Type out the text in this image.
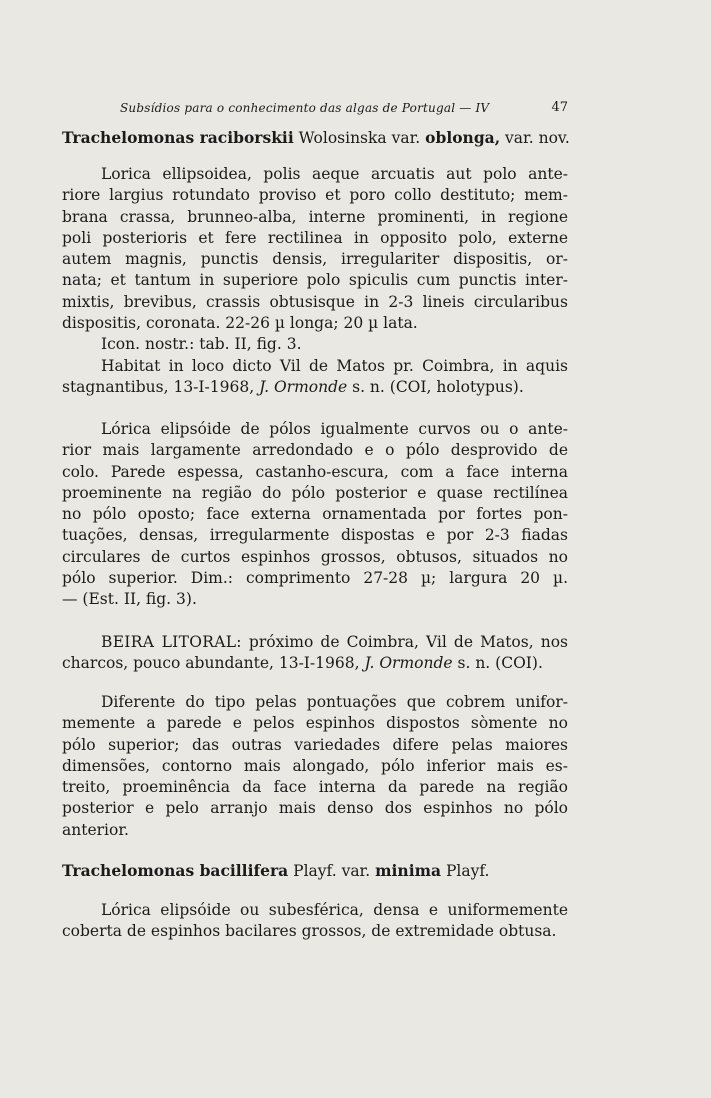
Subsídios para o conhecimento das algas de Portugal — IV	47
Trachelomonas raciborskii Wolosinska var. oblonga, var. nov.
Lorica ellipsoidea, polis aeque arcuatis aut polo ante-
riore largius rotundato proviso et poro collo destituto; mem-
brana crassa, brunneo-alba, interne prominenti, in regione
poli posterioris et fere rectilinea in opposito polo, externe
autem magnis, punctis densis, irregulariter dispositis, or-
nata; et tantum in superiore polo spiculis cum punctis inter-
mixtis, brevibus, crassis obtusisque in 2-3 lineis circularibus
dispositis, coronata. 22-26 µ longa; 20 µ lata.
Icon. nostr.: tab. II, fig. 3.
Habitat in loco dicto Vil de Matos pr. Coimbra, in aquis
stagnantibus, 13-I-1968, J. Ormonde s. n. (COI, holotypus).
Lórica elipsóide de pólos igualmente curvos ou o ante-
rior mais largamente arredondado e o pólo desprovido de
colo. Parede espessa, castanho-escura, com a face interna
proeminente na região do pólo posterior e quase rectilínea
no pólo oposto; face externa ornamentada por fortes pon-
tuações, densas, irregularmente dispostas e por 2-3 fiadas
circulares de curtos espinhos grossos, obtusos, situados no
pólo superior. Dim.: comprimento 27-28 µ; largura 20 µ.
— (Est. II, fig. 3).
BEIRA LITORAL: próximo de Coimbra, Vil de Matos, nos
charcos, pouco abundante, 13-I-1968, J. Ormonde s. n. (COI).
Diferente do tipo pelas pontuações que cobrem unifor-
memente a parede e pelos espinhos dispostos sòmente no
pólo superior; das outras variedades difere pelas maiores
dimensões, contorno mais alongado, pólo inferior mais es-
treito, proeminência da face interna da parede na região
posterior e pelo arranjo mais denso dos espinhos no pólo
anterior.
Trachelomonas bacillifera Playf. var. minima Playf.
Lórica elipsóide ou subesférica, densa e uniformemente
coberta de espinhos bacilares grossos, de extremidade obtusa.
